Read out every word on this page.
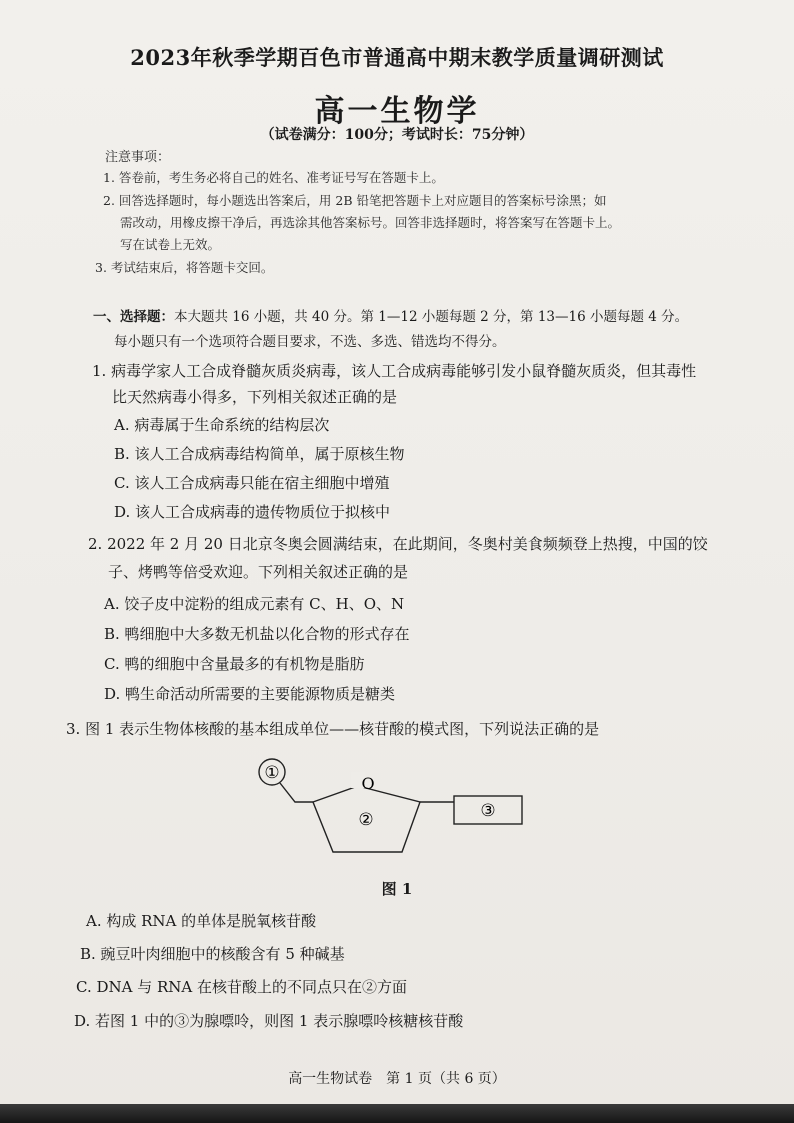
2023年秋季学期百色市普通高中期末教学质量调研测试
高一生物学
（试卷满分：100分；考试时长：75分钟）
注意事项：
1. 答卷前，考生务必将自己的姓名、准考证号写在答题卡上。
2. 回答选择题时，每小题选出答案后，用 2B 铅笔把答题卡上对应题目的答案标号涂黑；如
需改动，用橡皮擦干净后，再选涂其他答案标号。回答非选择题时，将答案写在答题卡上。
写在试卷上无效。
3. 考试结束后，将答题卡交回。
一、选择题：本大题共 16 小题，共 40 分。第 1—12 小题每题 2 分，第 13—16 小题每题 4 分。
每小题只有一个选项符合题目要求，不选、多选、错选均不得分。
1. 病毒学家人工合成脊髓灰质炎病毒，该人工合成病毒能够引发小鼠脊髓灰质炎，但其毒性
比天然病毒小得多，下列相关叙述正确的是
A. 病毒属于生命系统的结构层次
B. 该人工合成病毒结构简单，属于原核生物
C. 该人工合成病毒只能在宿主细胞中增殖
D. 该人工合成病毒的遗传物质位于拟核中
2. 2022 年 2 月 20 日北京冬奥会圆满结束，在此期间，冬奥村美食频频登上热搜，中国的饺
子、烤鸭等倍受欢迎。下列相关叙述正确的是
A. 饺子皮中淀粉的组成元素有 C、H、O、N
B. 鸭细胞中大多数无机盐以化合物的形式存在
C. 鸭的细胞中含量最多的有机物是脂肪
D. 鸭生命活动所需要的主要能源物质是糖类
3. 图 1 表示生物体核酸的基本组成单位——核苷酸的模式图，下列说法正确的是
①
O
②	③
图 1
A. 构成 RNA 的单体是脱氧核苷酸
B. 豌豆叶肉细胞中的核酸含有 5 种碱基
C. DNA 与 RNA 在核苷酸上的不同点只在②方面
D. 若图 1 中的③为腺嘌呤，则图 1 表示腺嘌呤核糖核苷酸
高一生物试卷　第 1 页（共 6 页）
